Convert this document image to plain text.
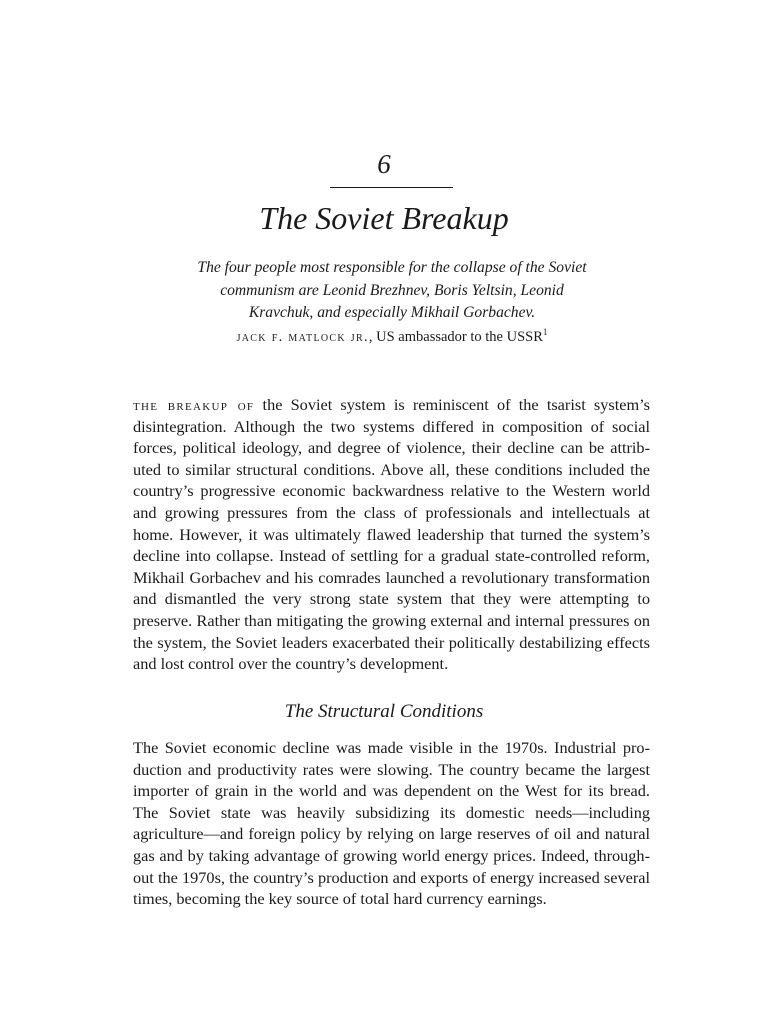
6
The Soviet Breakup
The four people most responsible for the collapse of the Soviet communism are Leonid Brezhnev, Boris Yeltsin, Leonid Kravchuk, and especially Mikhail Gorbachev.
jack f. matlock jr., US ambassador to the USSR$^1$

the breakup of the Soviet system is reminiscent of the tsarist system’s disintegration. Although the two systems differed in composition of social forces, political ideology, and degree of violence, their decline can be attributed to similar structural conditions. Above all, these conditions included the country’s progressive economic backwardness relative to the Western world and growing pressures from the class of professionals and intellectuals at home. However, it was ultimately flawed leadership that turned the system’s decline into collapse. Instead of settling for a gradual state-controlled reform, Mikhail Gorbachev and his comrades launched a revolutionary transformation and dismantled the very strong state system that they were attempting to preserve. Rather than mitigating the growing external and internal pressures on the system, the Soviet leaders exacerbated their politically destabilizing effects and lost control over the country’s development.

The Structural Conditions

The Soviet economic decline was made visible in the 1970s. Industrial production and productivity rates were slowing. The country became the largest importer of grain in the world and was dependent on the West for its bread. The Soviet state was heavily subsidizing its domestic needs—including agriculture—and foreign policy by relying on large reserves of oil and natural gas and by taking advantage of growing world energy prices. Indeed, throughout the 1970s, the country’s production and exports of energy increased several times, becoming the key source of total hard currency earnings.
